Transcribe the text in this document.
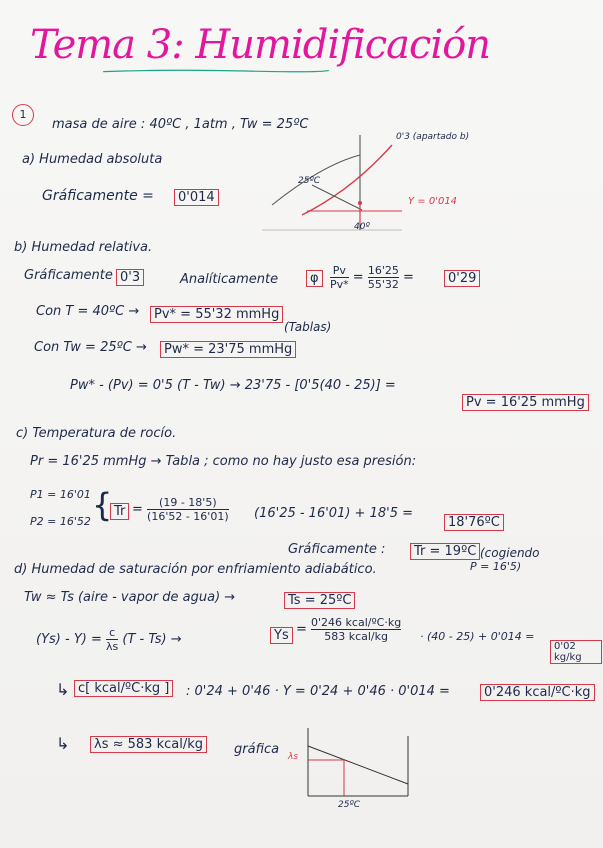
Tema 3: Humidificación
1
masa de aire : 40ºC , 1atm , Tw = 25ºC
a) Humedad absoluta
Gráficamente =	0'014
0'3 (apartado b)
25ºC
40º
Y = 0'014
b) Humedad relativa.
Gráficamente 0'3	Analíticamente	φ	$\frac{Pv}{Pv*} = \frac{16'25}{55'32}$ =	0'29
Con T = 40ºC →	Pv* = 55'32 mmHg
(Tablas)
Con Tw = 25ºC →	Pw* = 23'75 mmHg
Pw* - (Pv) = 0'5 (T - Tw) → 23'75 - [0'5(40 - 25)] =
Pv = 16'25 mmHg
c) Temperatura de rocío.
Pr = 16'25 mmHg → Tabla ; como no hay justo esa presión:
P1 = 16'01
P2 = 16'52 { $Tr = \frac{(19 - 18'5)}{(16'52 - 16'01)} (16'25 - 16'01) + 18'5$ =
18'76ºC
Gráficamente :	Tr = 19ºC (cogiendo
P = 16'5)
d) Humedad de saturación por enfriamiento adiabático.
Tw ≈ Ts (aire - vapor de agua) →	Ts = 25ºC
$(Ys) - Y) = \frac{c}{\lambda s} (T - Ts)$ →	$Ys = \frac{\text{0'246 kcal/ºC·kg}}{\text{583 kcal/kg}} \cdot (40 - 25) + 0'014$ =
0'02 kg/kg
↳ c[ kcal/ºC·kg ]	: 0'24 + 0'46 · Y = 0'24 + 0'46 · 0'014 =	0'246 kcal/ºC·kg
↳	λs ≈ 583 kcal/kg	gráfica λs
25ºC
